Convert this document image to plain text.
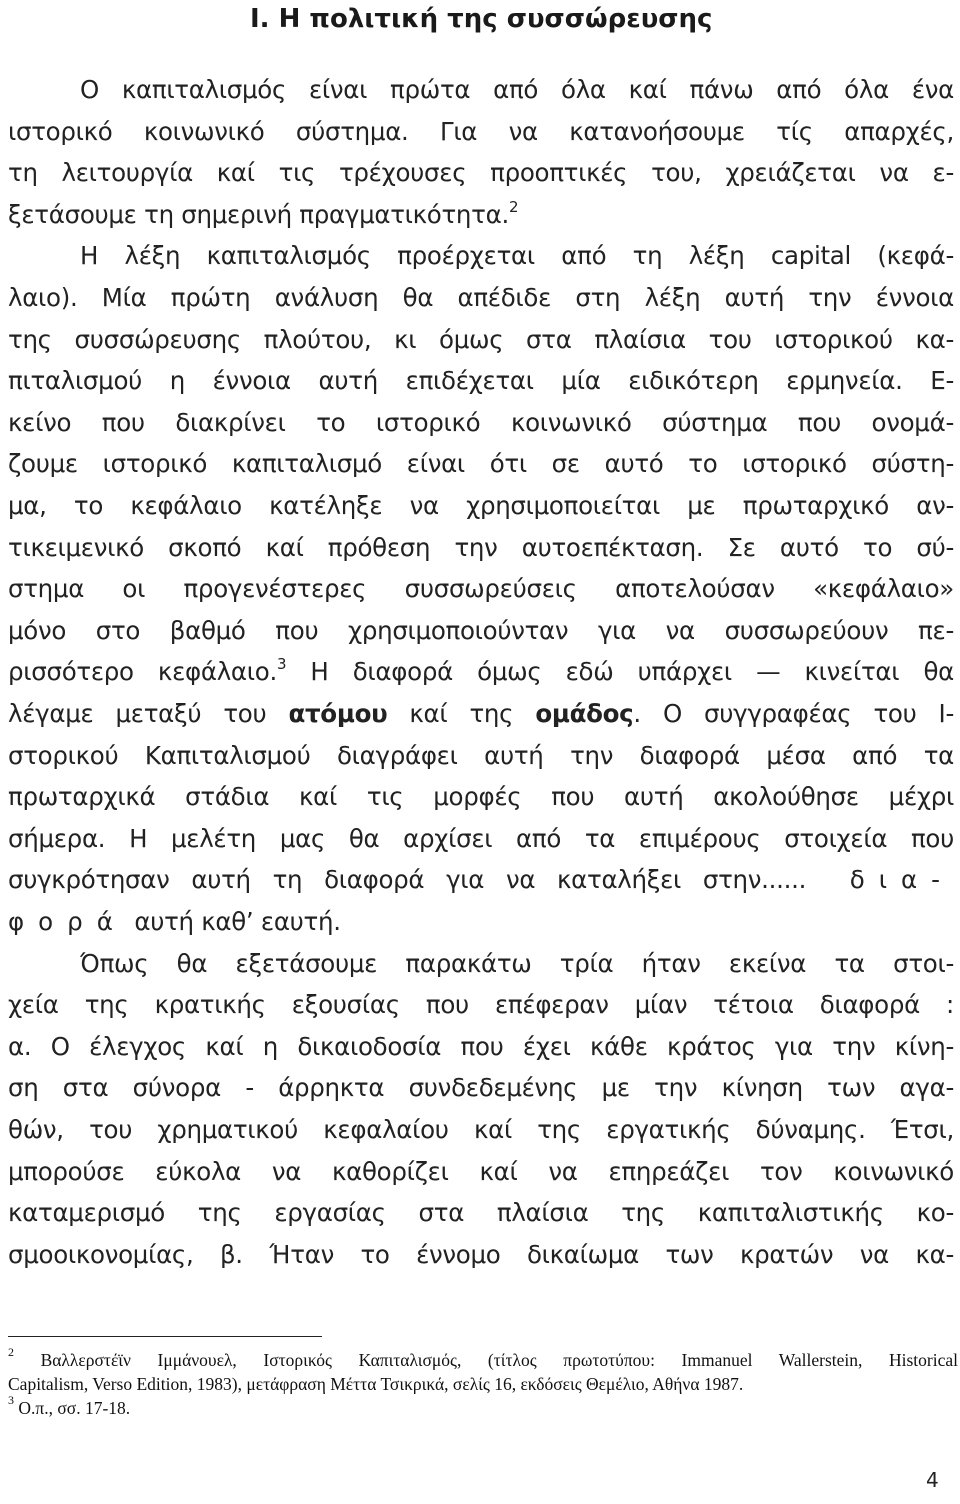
I. Η πολιτική της συσσώρευσης
Ο καπιταλισμός είναι πρώτα από όλα καί πάνω από όλα ένα
ιστορικό κοινωνικό σύστημα. Για να κατανοήσουμε τίς απαρχές,
τη λειτουργία καί τις τρέχουσες προοπτικές του, χρειάζεται να ε-
ξετάσουμε τη σημερινή πραγματικότητα.$^2$
Η λέξη καπιταλισμός προέρχεται από τη λέξη capital (κεφά-
λαιο). Μία πρώτη ανάλυση θα απέδιδε στη λέξη αυτή την έννοια
της συσσώρευσης πλούτου, κι όμως στα πλαίσια του ιστορικού κα-
πιταλισμού η έννοια αυτή επιδέχεται μία ειδικότερη ερμηνεία. Ε-
κείνο που διακρίνει το ιστορικό κοινωνικό σύστημα που ονομά-
ζουμε ιστορικό καπιταλισμό είναι ότι σε αυτό το ιστορικό σύστη-
μα, το κεφάλαιο κατέληξε να χρησιμοποιείται με πρωταρχικό αν-
τικειμενικό σκοπό καί πρόθεση την αυτοεπέκταση. Σε αυτό το σύ-
στημα οι προγενέστερες συσσωρεύσεις αποτελούσαν «κεφάλαιο»
μόνο στο βαθμό που χρησιμοποιούνταν για να συσσωρεύουν πε-
ρισσότερο κεφάλαιο.$^3$ Η διαφορά όμως εδώ υπάρχει — κινείται θα
λέγαμε μεταξύ του ατόμου καί της ομάδος. Ο συγγραφέας του Ι-
στορικού Καπιταλισμού διαγράφει αυτή την διαφορά μέσα από τα
πρωταρχικά στάδια καί τις μορφές που αυτή ακολούθησε μέχρι
σήμερα. Η μελέτη μας θα αρχίσει από τα επιμέρους στοιχεία που
συγκρότησαν αυτή τη διαφορά για να καταλήξει στην...... δια-
φορά αυτή καθ’ εαυτή.
Όπως θα εξετάσουμε παρακάτω τρία ήταν εκείνα τα στοι-
χεία της κρατικής εξουσίας που επέφεραν μίαν τέτοια διαφορά :
α. Ο έλεγχος καί η δικαιοδοσία που έχει κάθε κράτος για την κίνη-
ση στα σύνορα - άρρηκτα συνδεδεμένης με την κίνηση των αγα-
θών, του χρηματικού κεφαλαίου καί της εργατικής δύναμης. Έτσι,
μπορούσε εύκολα να καθορίζει καί να επηρεάζει τον κοινωνικό
καταμερισμό της εργασίας στα πλαίσια της καπιταλιστικής κο-
σμοοικονομίας, β. Ήταν το έννομο δικαίωμα των κρατών να κα-
$^2$ Βαλλερστέϊν Ιμμάνουελ, Ιστορικός Καπιταλισμός, (τίτλος πρωτοτύπου: Immanuel Wallerstein, Historical
Capitalism, Verso Edition, 1983), μετάφραση Μέττα Τσικρικά, σελίς 16, εκδόσεις Θεμέλιο, Αθήνα 1987.
$^3$ Ο.π., σσ. 17-18.
4
